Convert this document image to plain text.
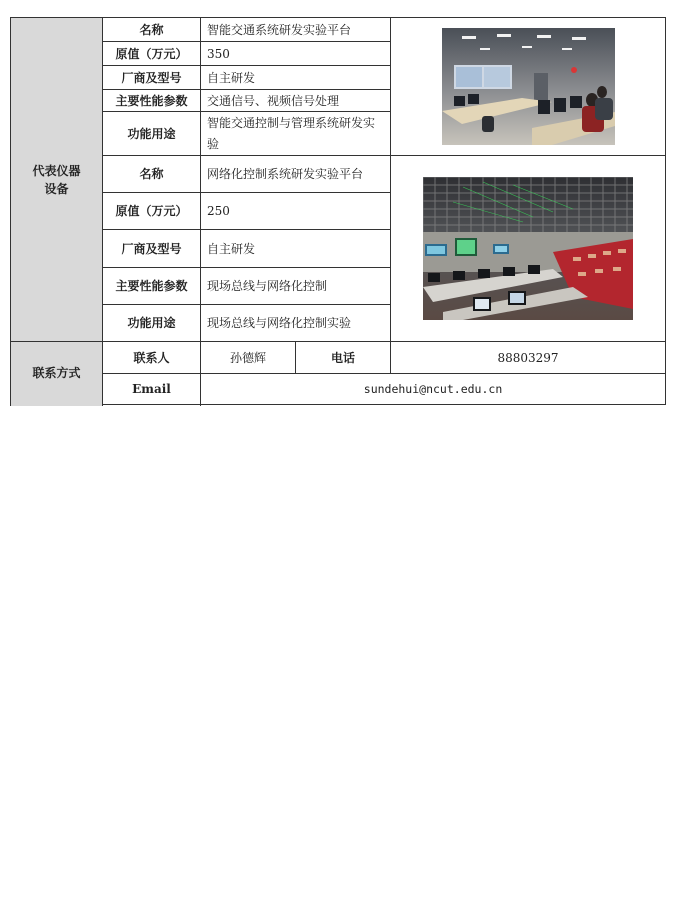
代表仪器
设备	名称	智能交通系统研发实验平台	

	原值（万元）	350		
	厂商及型号	自主研发		
	主要性能参数	交通信号、视频信号处理		
	功能用途	智能交通控制与管理系统研发实验		
	名称	网络化控制系统研发实验平台	

	原值（万元）	250		
	厂商及型号	自主研发		
	主要性能参数	现场总线与网络化控制		
	功能用途	现场总线与网络化控制实验		
联系方式	联系人	孙德辉	电话	88803297
	Email	sundehui@ncut.edu.cn		
